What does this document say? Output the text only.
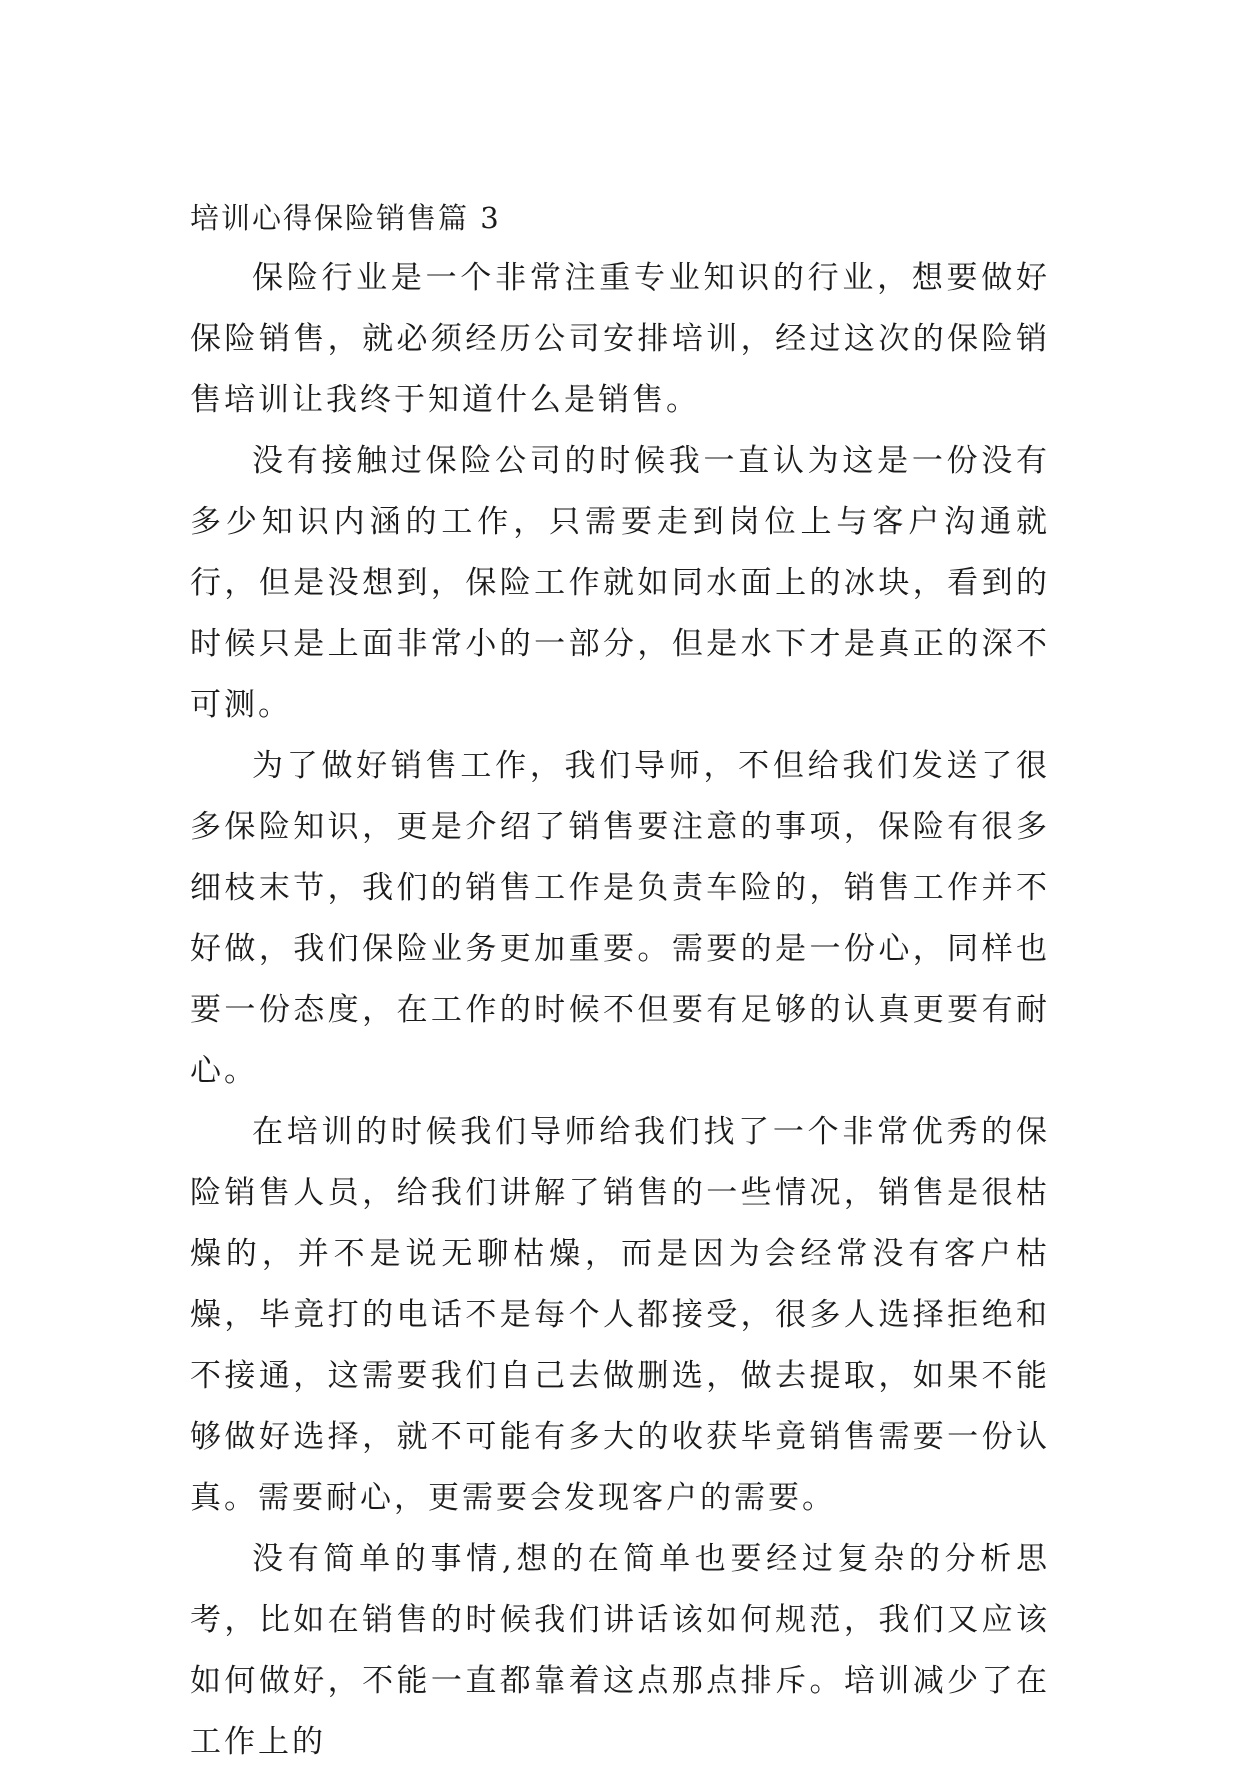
培训心得保险销售篇 3

保险行业是一个非常注重专业知识的行业，想要做好保险销售，就必须经历公司安排培训，经过这次的保险销售培训让我终于知道什么是销售。

没有接触过保险公司的时候我一直认为这是一份没有多少知识内涵的工作，只需要走到岗位上与客户沟通就行，但是没想到，保险工作就如同水面上的冰块，看到的时候只是上面非常小的一部分，但是水下才是真正的深不可测。

为了做好销售工作，我们导师，不但给我们发送了很多保险知识，更是介绍了销售要注意的事项，保险有很多细枝末节，我们的销售工作是负责车险的，销售工作并不好做，我们保险业务更加重要。需要的是一份心，同样也要一份态度，在工作的时候不但要有足够的认真更要有耐心。

在培训的时候我们导师给我们找了一个非常优秀的保险销售人员，给我们讲解了销售的一些情况，销售是很枯燥的，并不是说无聊枯燥，而是因为会经常没有客户枯燥，毕竟打的电话不是每个人都接受，很多人选择拒绝和不接通，这需要我们自己去做删选，做去提取，如果不能够做好选择，就不可能有多大的收获毕竟销售需要一份认真。需要耐心，更需要会发现客户的需要。

没有简单的事情,想的在简单也要经过复杂的分析思考，比如在销售的时候我们讲话该如何规范，我们又应该如何做好，不能一直都靠着这点那点排斥。培训减少了在工作上的
